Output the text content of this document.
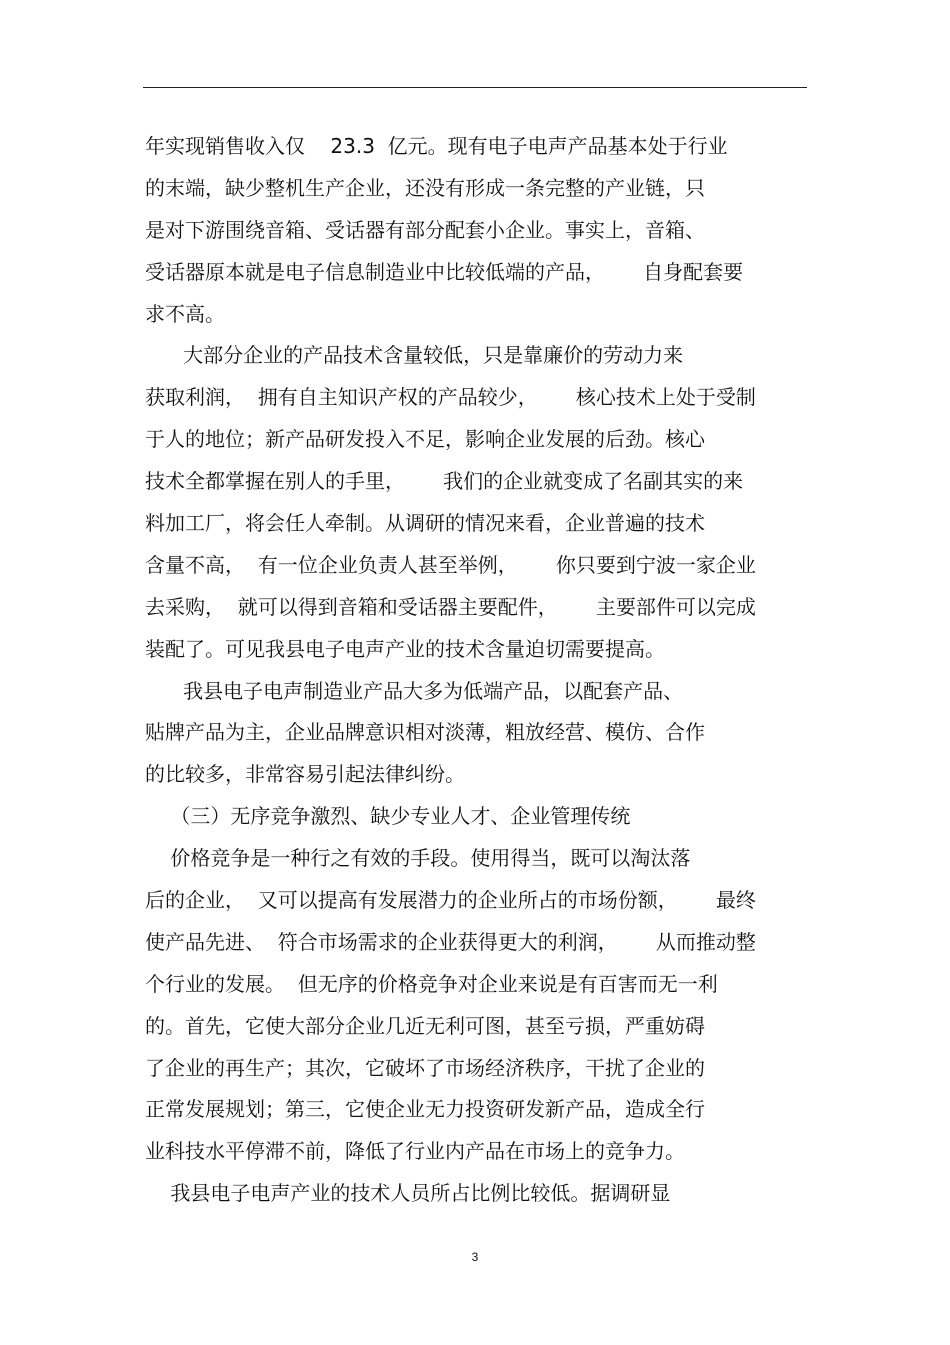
年实现销售收入仅    23.3  亿元。现有电子电声产品基本处于行业
的末端，缺少整机生产企业，还没有形成一条完整的产业链，只
是对下游围绕音箱、受话器有部分配套小企业。事实上，音箱、
受话器原本就是电子信息制造业中比较低端的产品，      自身配套要
求不高。
大部分企业的产品技术含量较低，只是靠廉价的劳动力来
获取利润，  拥有自主知识产权的产品较少，      核心技术上处于受制
于人的地位；新产品研发投入不足，影响企业发展的后劲。核心
技术全都掌握在别人的手里，      我们的企业就变成了名副其实的来
料加工厂，将会任人牵制。从调研的情况来看，企业普遍的技术
含量不高，  有一位企业负责人甚至举例，      你只要到宁波一家企业
去采购，  就可以得到音箱和受话器主要配件，      主要部件可以完成
装配了。可见我县电子电声产业的技术含量迫切需要提高。
我县电子电声制造业产品大多为低端产品，以配套产品、
贴牌产品为主，企业品牌意识相对淡薄，粗放经营、模仿、合作
的比较多，非常容易引起法律纠纷。
（三）无序竞争激烈、缺少专业人才、企业管理传统
价格竞争是一种行之有效的手段。使用得当，既可以淘汰落
后的企业，  又可以提高有发展潜力的企业所占的市场份额，      最终
使产品先进、  符合市场需求的企业获得更大的利润，      从而推动整
个行业的发展。  但无序的价格竞争对企业来说是有百害而无一利
的。首先，它使大部分企业几近无利可图，甚至亏损，严重妨碍
了企业的再生产；其次，它破坏了市场经济秩序，干扰了企业的
正常发展规划；第三，它使企业无力投资研发新产品，造成全行
业科技水平停滞不前，降低了行业内产品在市场上的竞争力。
我县电子电声产业的技术人员所占比例比较低。据调研显
3
